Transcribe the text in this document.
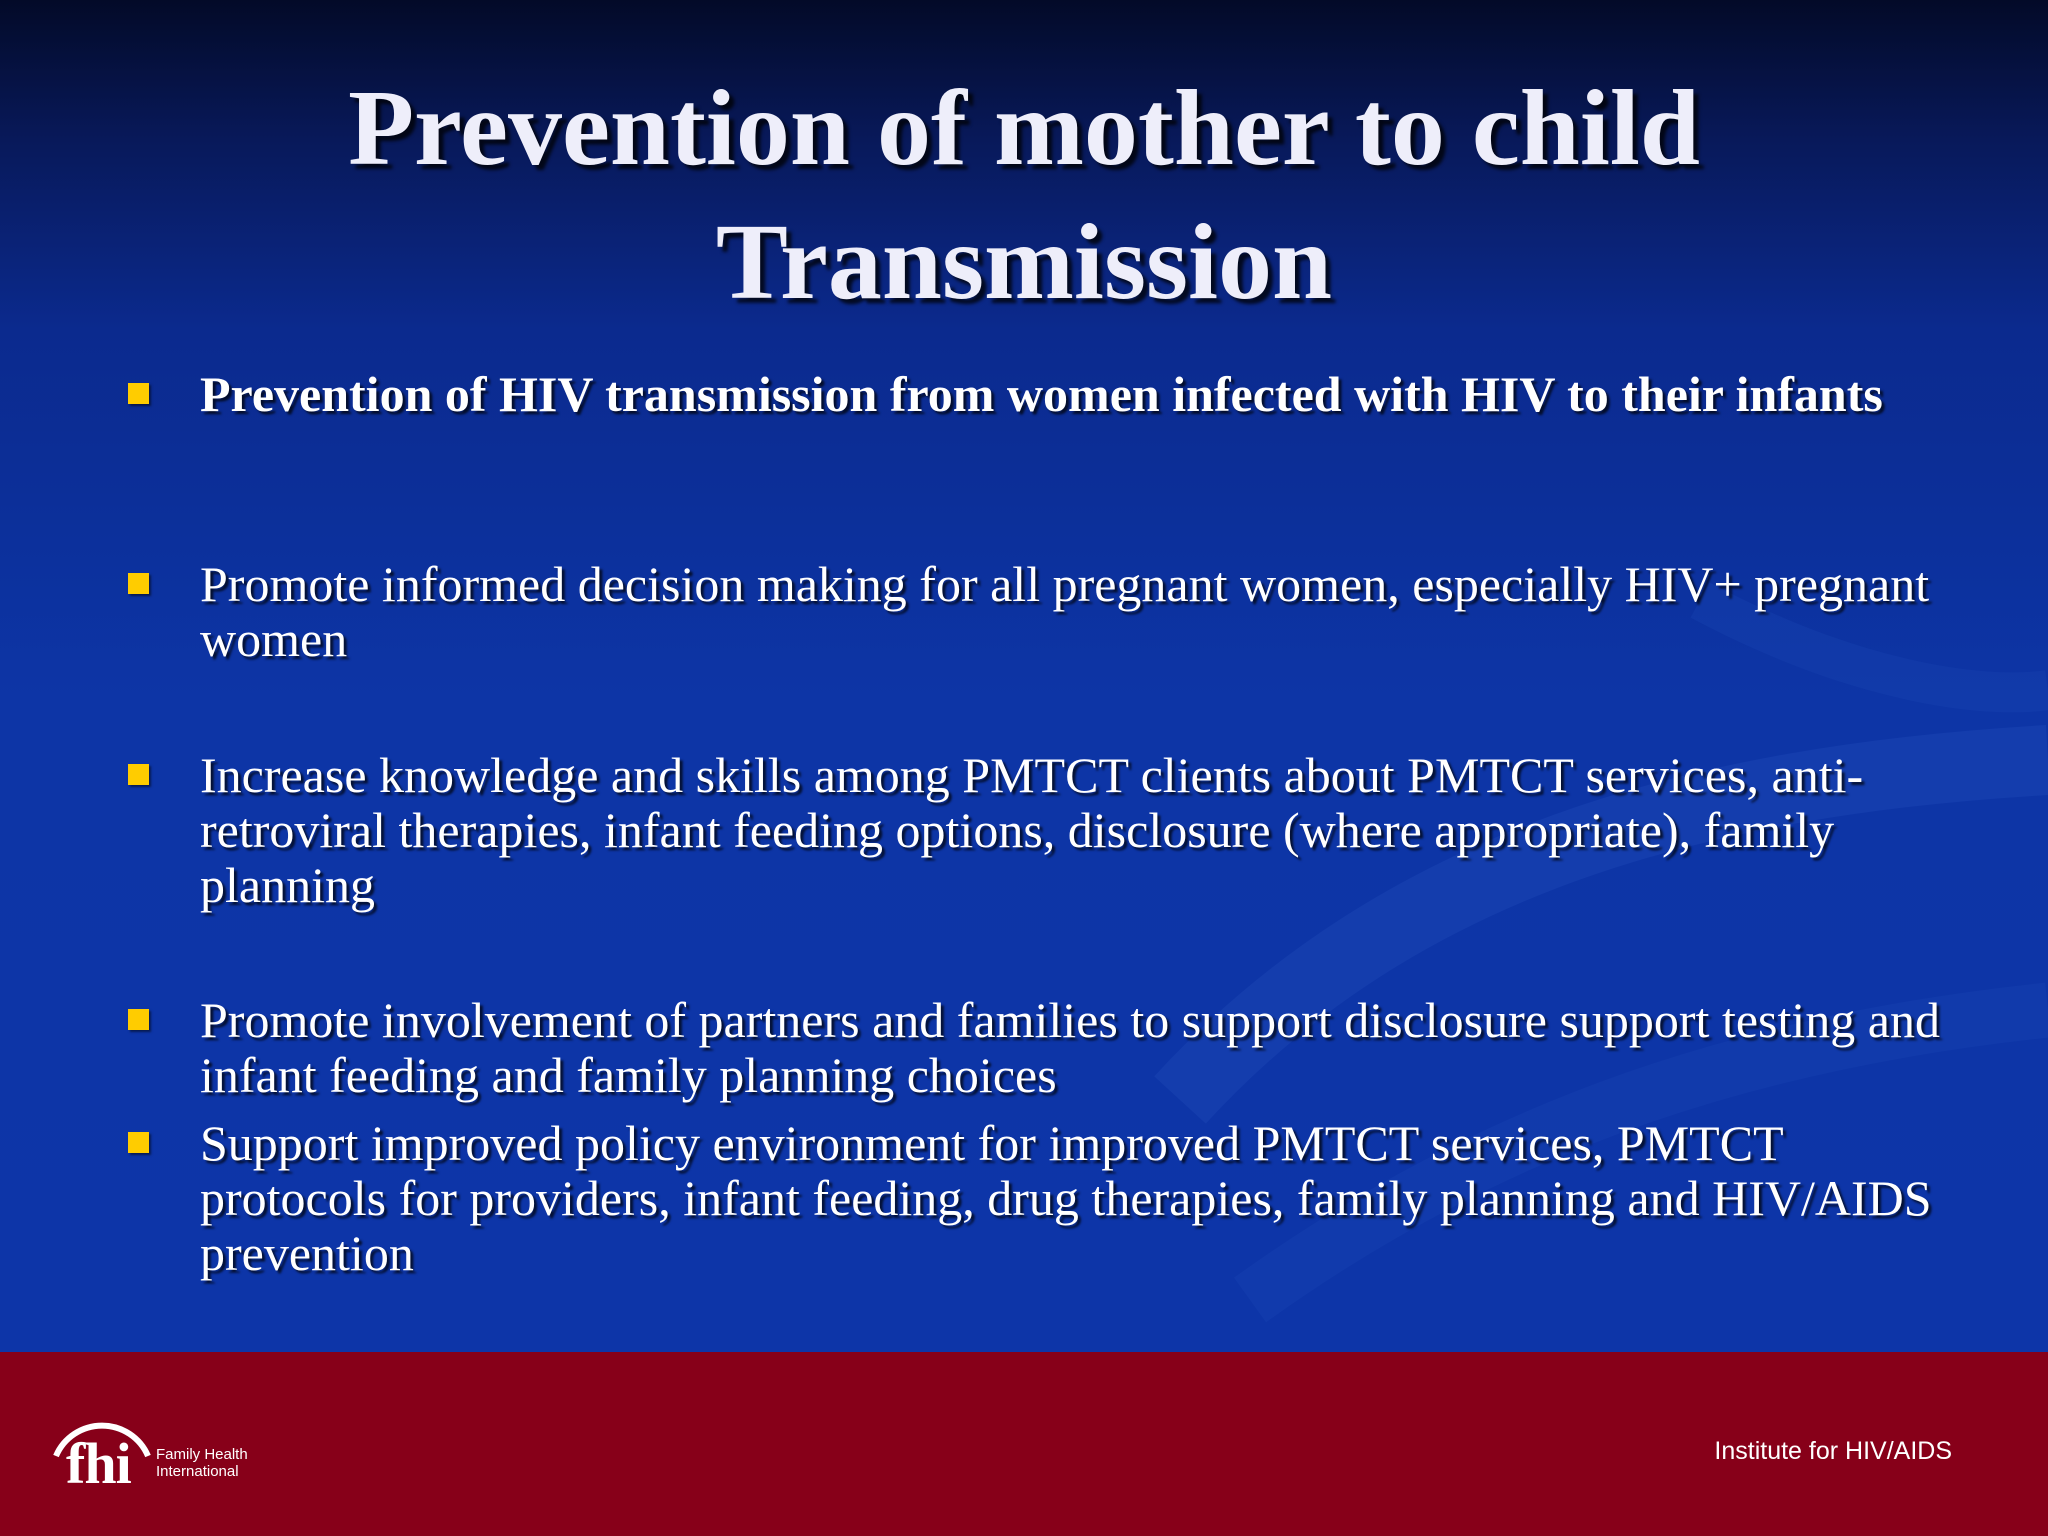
Prevention of mother to child
Transmission
Prevention of HIV transmission from women infected with HIV to their infants
Promote informed decision making for all pregnant women, especially HIV+ pregnant women
Increase knowledge and skills among PMTCT clients about PMTCT services, anti-retroviral therapies, infant feeding options, disclosure (where appropriate), family planning
Promote involvement of partners and families to support disclosure support testing and infant feeding and family planning choices
Support improved policy environment for improved PMTCT services, PMTCT protocols for providers, infant feeding, drug therapies, family planning and HIV/AIDS prevention
fhi Family Health
International
Institute for HIV/AIDS
